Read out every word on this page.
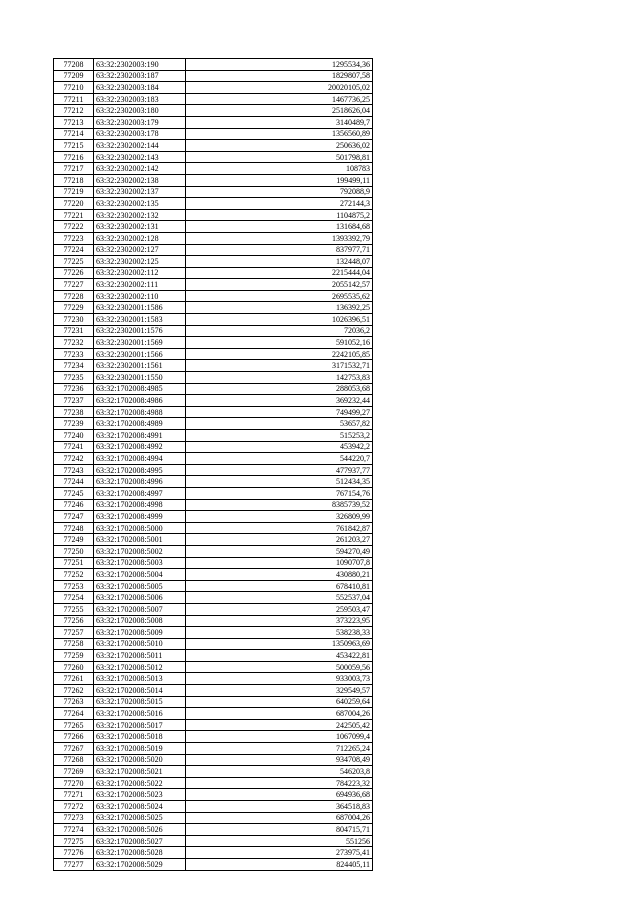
77208	63:32:2302003:190	1295534,36
77209	63:32:2302003:187	1829807,58
77210	63:32:2302003:184	20020105,02
77211	63:32:2302003:183	1467736,25
77212	63:32:2302003:180	2518626,04
77213	63:32:2302003:179	3140489,7
77214	63:32:2302003:178	1356560,89
77215	63:32:2302002:144	250636,02
77216	63:32:2302002:143	501798,81
77217	63:32:2302002:142	108783
77218	63:32:2302002:138	199499,11
77219	63:32:2302002:137	792088,9
77220	63:32:2302002:135	272144,3
77221	63:32:2302002:132	1104875,2
77222	63:32:2302002:131	131684,68
77223	63:32:2302002:128	1393392,79
77224	63:32:2302002:127	837977,71
77225	63:32:2302002:125	132448,07
77226	63:32:2302002:112	2215444,04
77227	63:32:2302002:111	2055142,57
77228	63:32:2302002:110	2695535,62
77229	63:32:2302001:1586	136392,25
77230	63:32:2302001:1583	1026396,51
77231	63:32:2302001:1576	72036,2
77232	63:32:2302001:1569	591052,16
77233	63:32:2302001:1566	2242105,85
77234	63:32:2302001:1561	3171532,71
77235	63:32:2302001:1550	142753,83
77236	63:32:1702008:4985	288053,68
77237	63:32:1702008:4986	369232,44
77238	63:32:1702008:4988	749499,27
77239	63:32:1702008:4989	53657,82
77240	63:32:1702008:4991	515253,2
77241	63:32:1702008:4992	453942,2
77242	63:32:1702008:4994	544220,7
77243	63:32:1702008:4995	477937,77
77244	63:32:1702008:4996	512434,35
77245	63:32:1702008:4997	767154,76
77246	63:32:1702008:4998	8385739,52
77247	63:32:1702008:4999	326809,99
77248	63:32:1702008:5000	761842,87
77249	63:32:1702008:5001	261203,27
77250	63:32:1702008:5002	594270,49
77251	63:32:1702008:5003	1090707,8
77252	63:32:1702008:5004	430880,21
77253	63:32:1702008:5005	678410,81
77254	63:32:1702008:5006	552537,04
77255	63:32:1702008:5007	259503,47
77256	63:32:1702008:5008	373223,95
77257	63:32:1702008:5009	538238,33
77258	63:32:1702008:5010	1350963,69
77259	63:32:1702008:5011	453422,81
77260	63:32:1702008:5012	500059,56
77261	63:32:1702008:5013	933003,73
77262	63:32:1702008:5014	329549,57
77263	63:32:1702008:5015	640259,64
77264	63:32:1702008:5016	687004,26
77265	63:32:1702008:5017	242505,42
77266	63:32:1702008:5018	1067099,4
77267	63:32:1702008:5019	712265,24
77268	63:32:1702008:5020	934708,49
77269	63:32:1702008:5021	546203,8
77270	63:32:1702008:5022	784223,32
77271	63:32:1702008:5023	694936,68
77272	63:32:1702008:5024	364518,83
77273	63:32:1702008:5025	687004,26
77274	63:32:1702008:5026	804715,71
77275	63:32:1702008:5027	551256
77276	63:32:1702008:5028	273975,41
77277	63:32:1702008:5029	824405,11
